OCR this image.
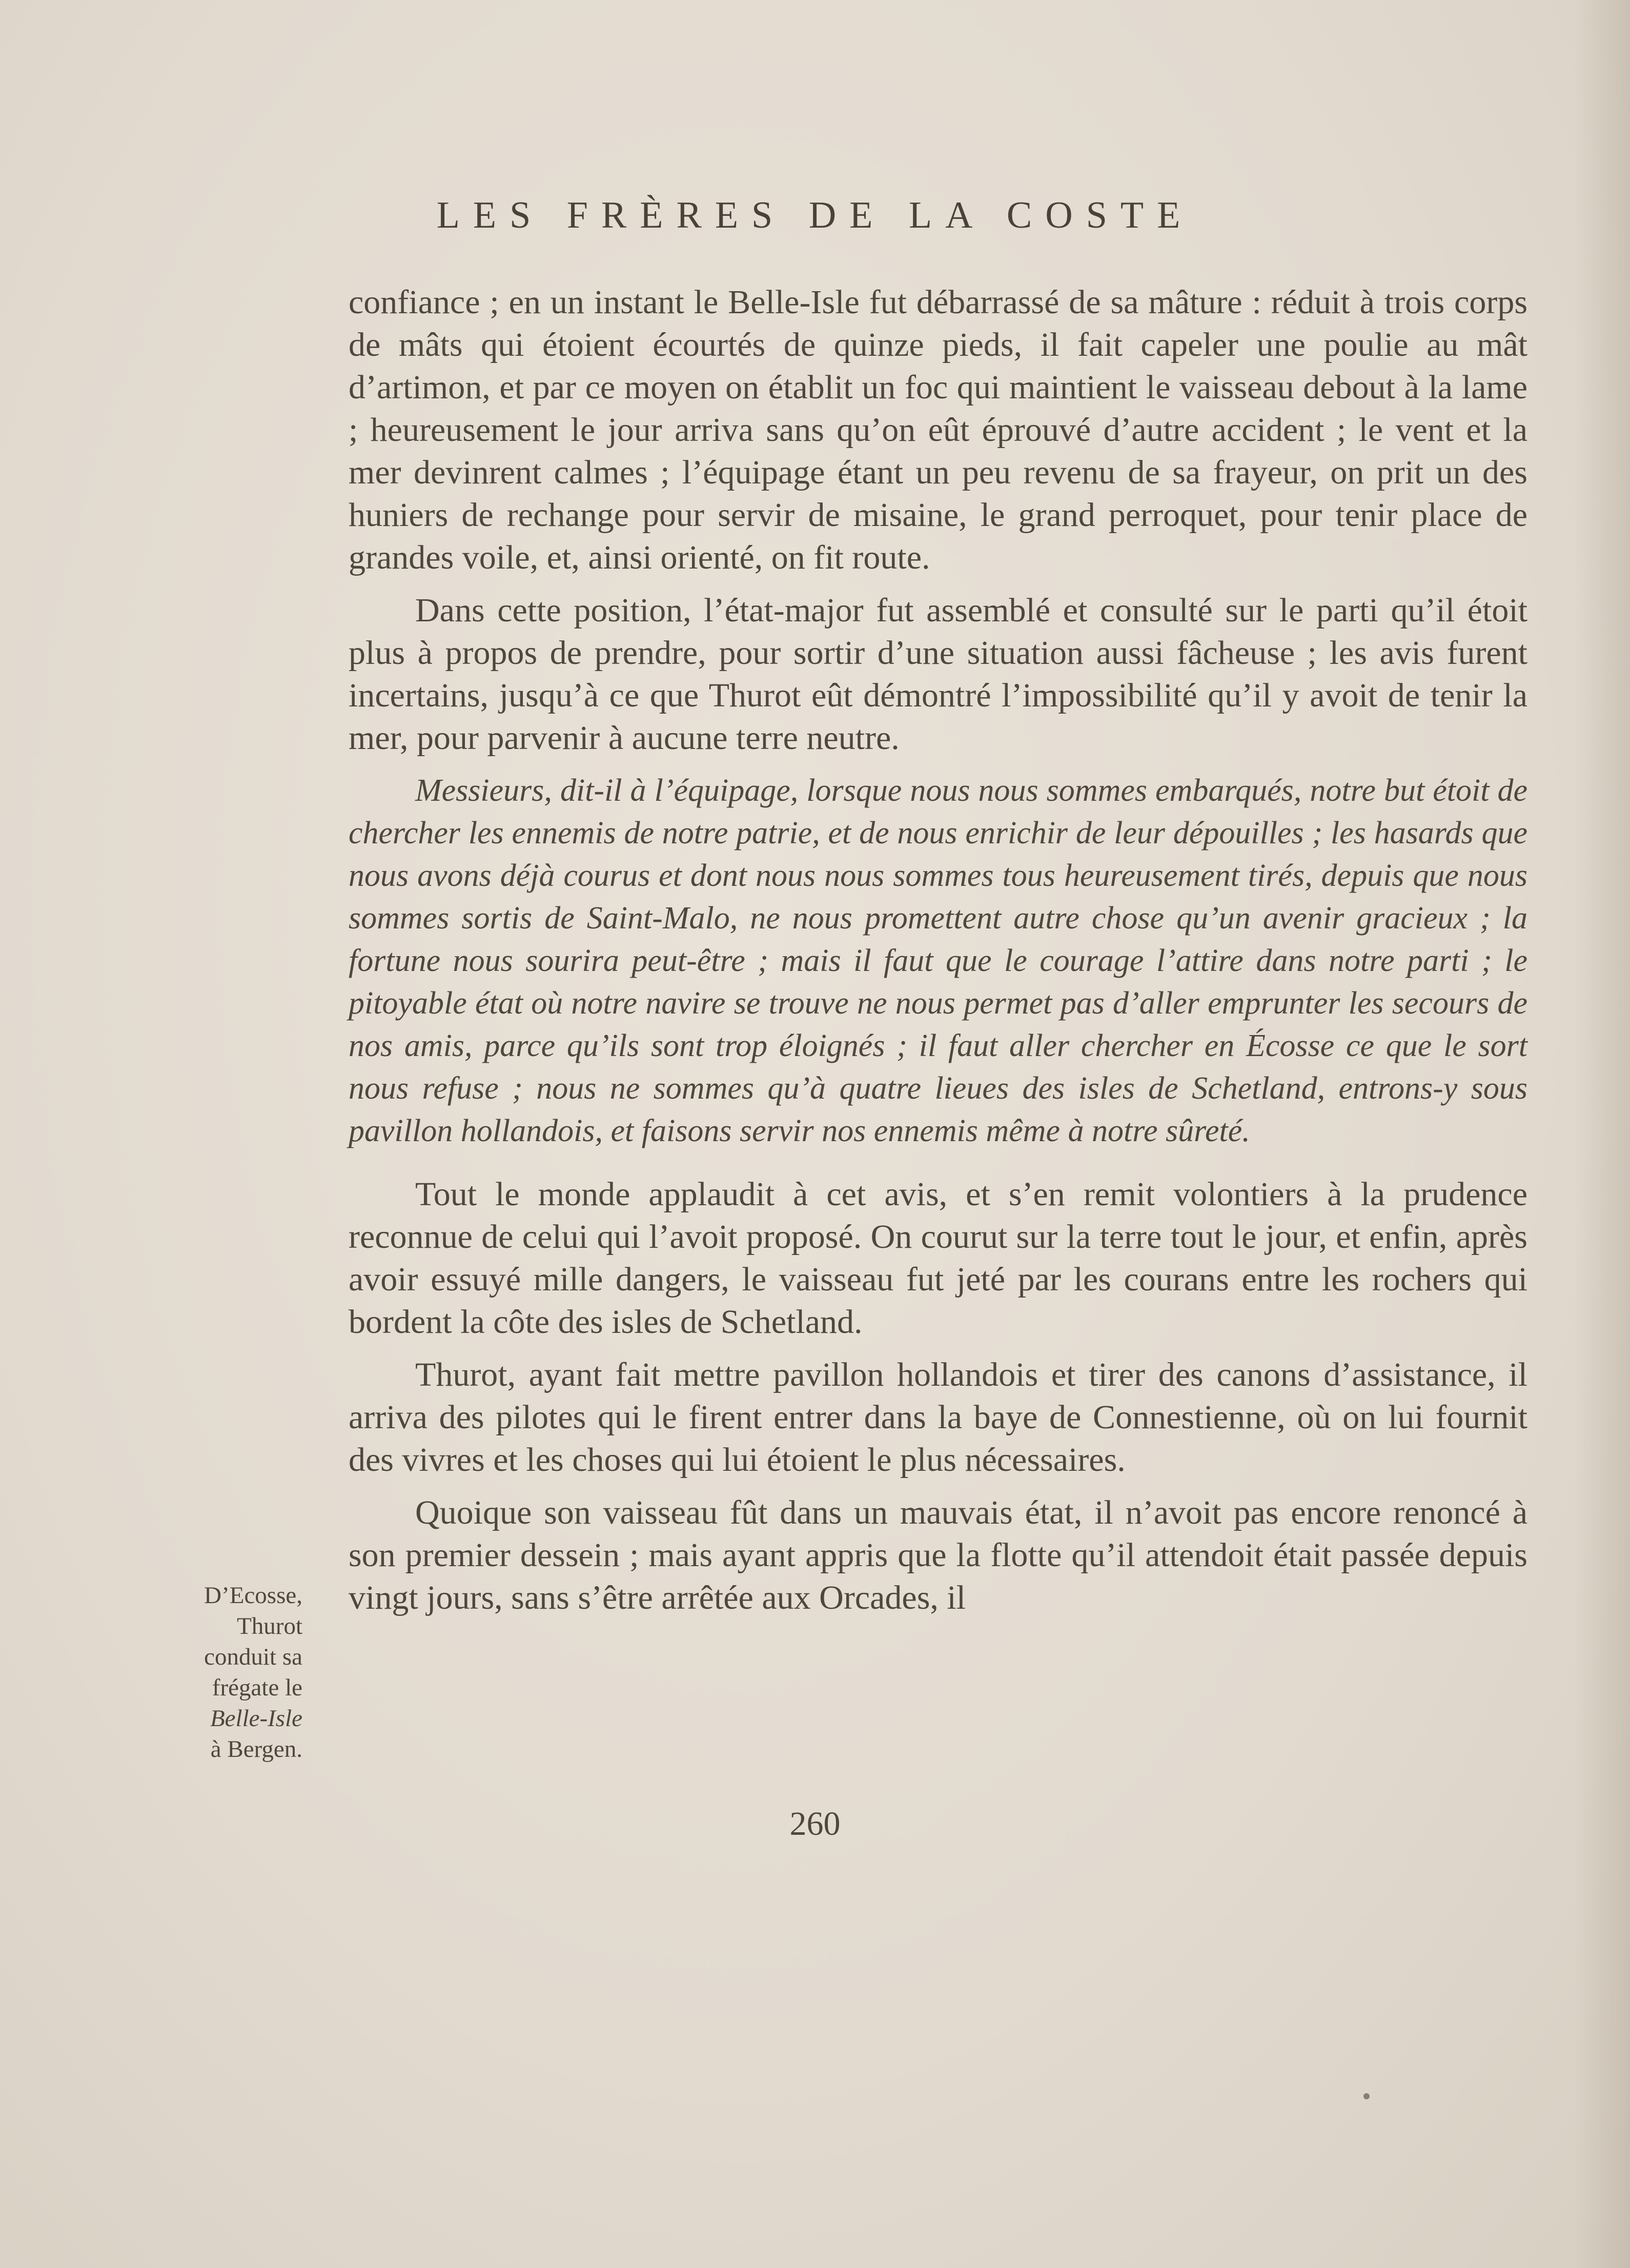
LES FRÈRES DE LA COSTE

confiance ; en un instant le Belle-Isle fut débarrassé de sa mâture : réduit à trois corps de mâts qui étoient écourtés de quinze pieds, il fait capeler une poulie au mât d’artimon, et par ce moyen on établit un foc qui maintient le vaisseau debout à la lame ; heureusement le jour arriva sans qu’on eût éprouvé d’autre accident ; le vent et la mer devinrent calmes ; l’équipage étant un peu revenu de sa frayeur, on prit un des huniers de rechange pour servir de misaine, le grand perroquet, pour tenir place de grandes voile, et, ainsi orienté, on fit route.

Dans cette position, l’état-major fut assemblé et consulté sur le parti qu’il étoit plus à propos de prendre, pour sortir d’une situation aussi fâcheuse ; les avis furent incertains, jusqu’à ce que Thurot eût démontré l’impossibilité qu’il y avoit de tenir la mer, pour parvenir à aucune terre neutre.

Messieurs, dit-il à l’équipage, lorsque nous nous sommes embarqués, notre but étoit de chercher les ennemis de notre patrie, et de nous enrichir de leur dépouilles ; les hasards que nous avons déjà courus et dont nous nous sommes tous heureusement tirés, depuis que nous sommes sortis de Saint-Malo, ne nous promettent autre chose qu’un avenir gracieux ; la fortune nous sourira peut-être ; mais il faut que le courage l’attire dans notre parti ; le pitoyable état où notre navire se trouve ne nous permet pas d’aller emprunter les secours de nos amis, parce qu’ils sont trop éloignés ; il faut aller chercher en Écosse ce que le sort nous refuse ; nous ne sommes qu’à quatre lieues des isles de Schetland, entrons-y sous pavillon hollandois, et faisons servir nos ennemis même à notre sûreté.

Tout le monde applaudit à cet avis, et s’en remit volontiers à la prudence reconnue de celui qui l’avoit proposé. On courut sur la terre tout le jour, et enfin, après avoir essuyé mille dangers, le vaisseau fut jeté par les courans entre les rochers qui bordent la côte des isles de Schetland.

Thurot, ayant fait mettre pavillon hollandois et tirer des canons d’assistance, il arriva des pilotes qui le firent entrer dans la baye de Connestienne, où on lui fournit des vivres et les choses qui lui étoient le plus nécessaires.

Quoique son vaisseau fût dans un mauvais état, il n’avoit pas encore renoncé à son premier dessein ; mais ayant appris que la flotte qu’il attendoit était passée depuis vingt jours, sans s’être arrêtée aux Orcades, il

D’Ecosse,
Thurot
conduit sa
frégate le
Belle-Isle
à Bergen.
260
